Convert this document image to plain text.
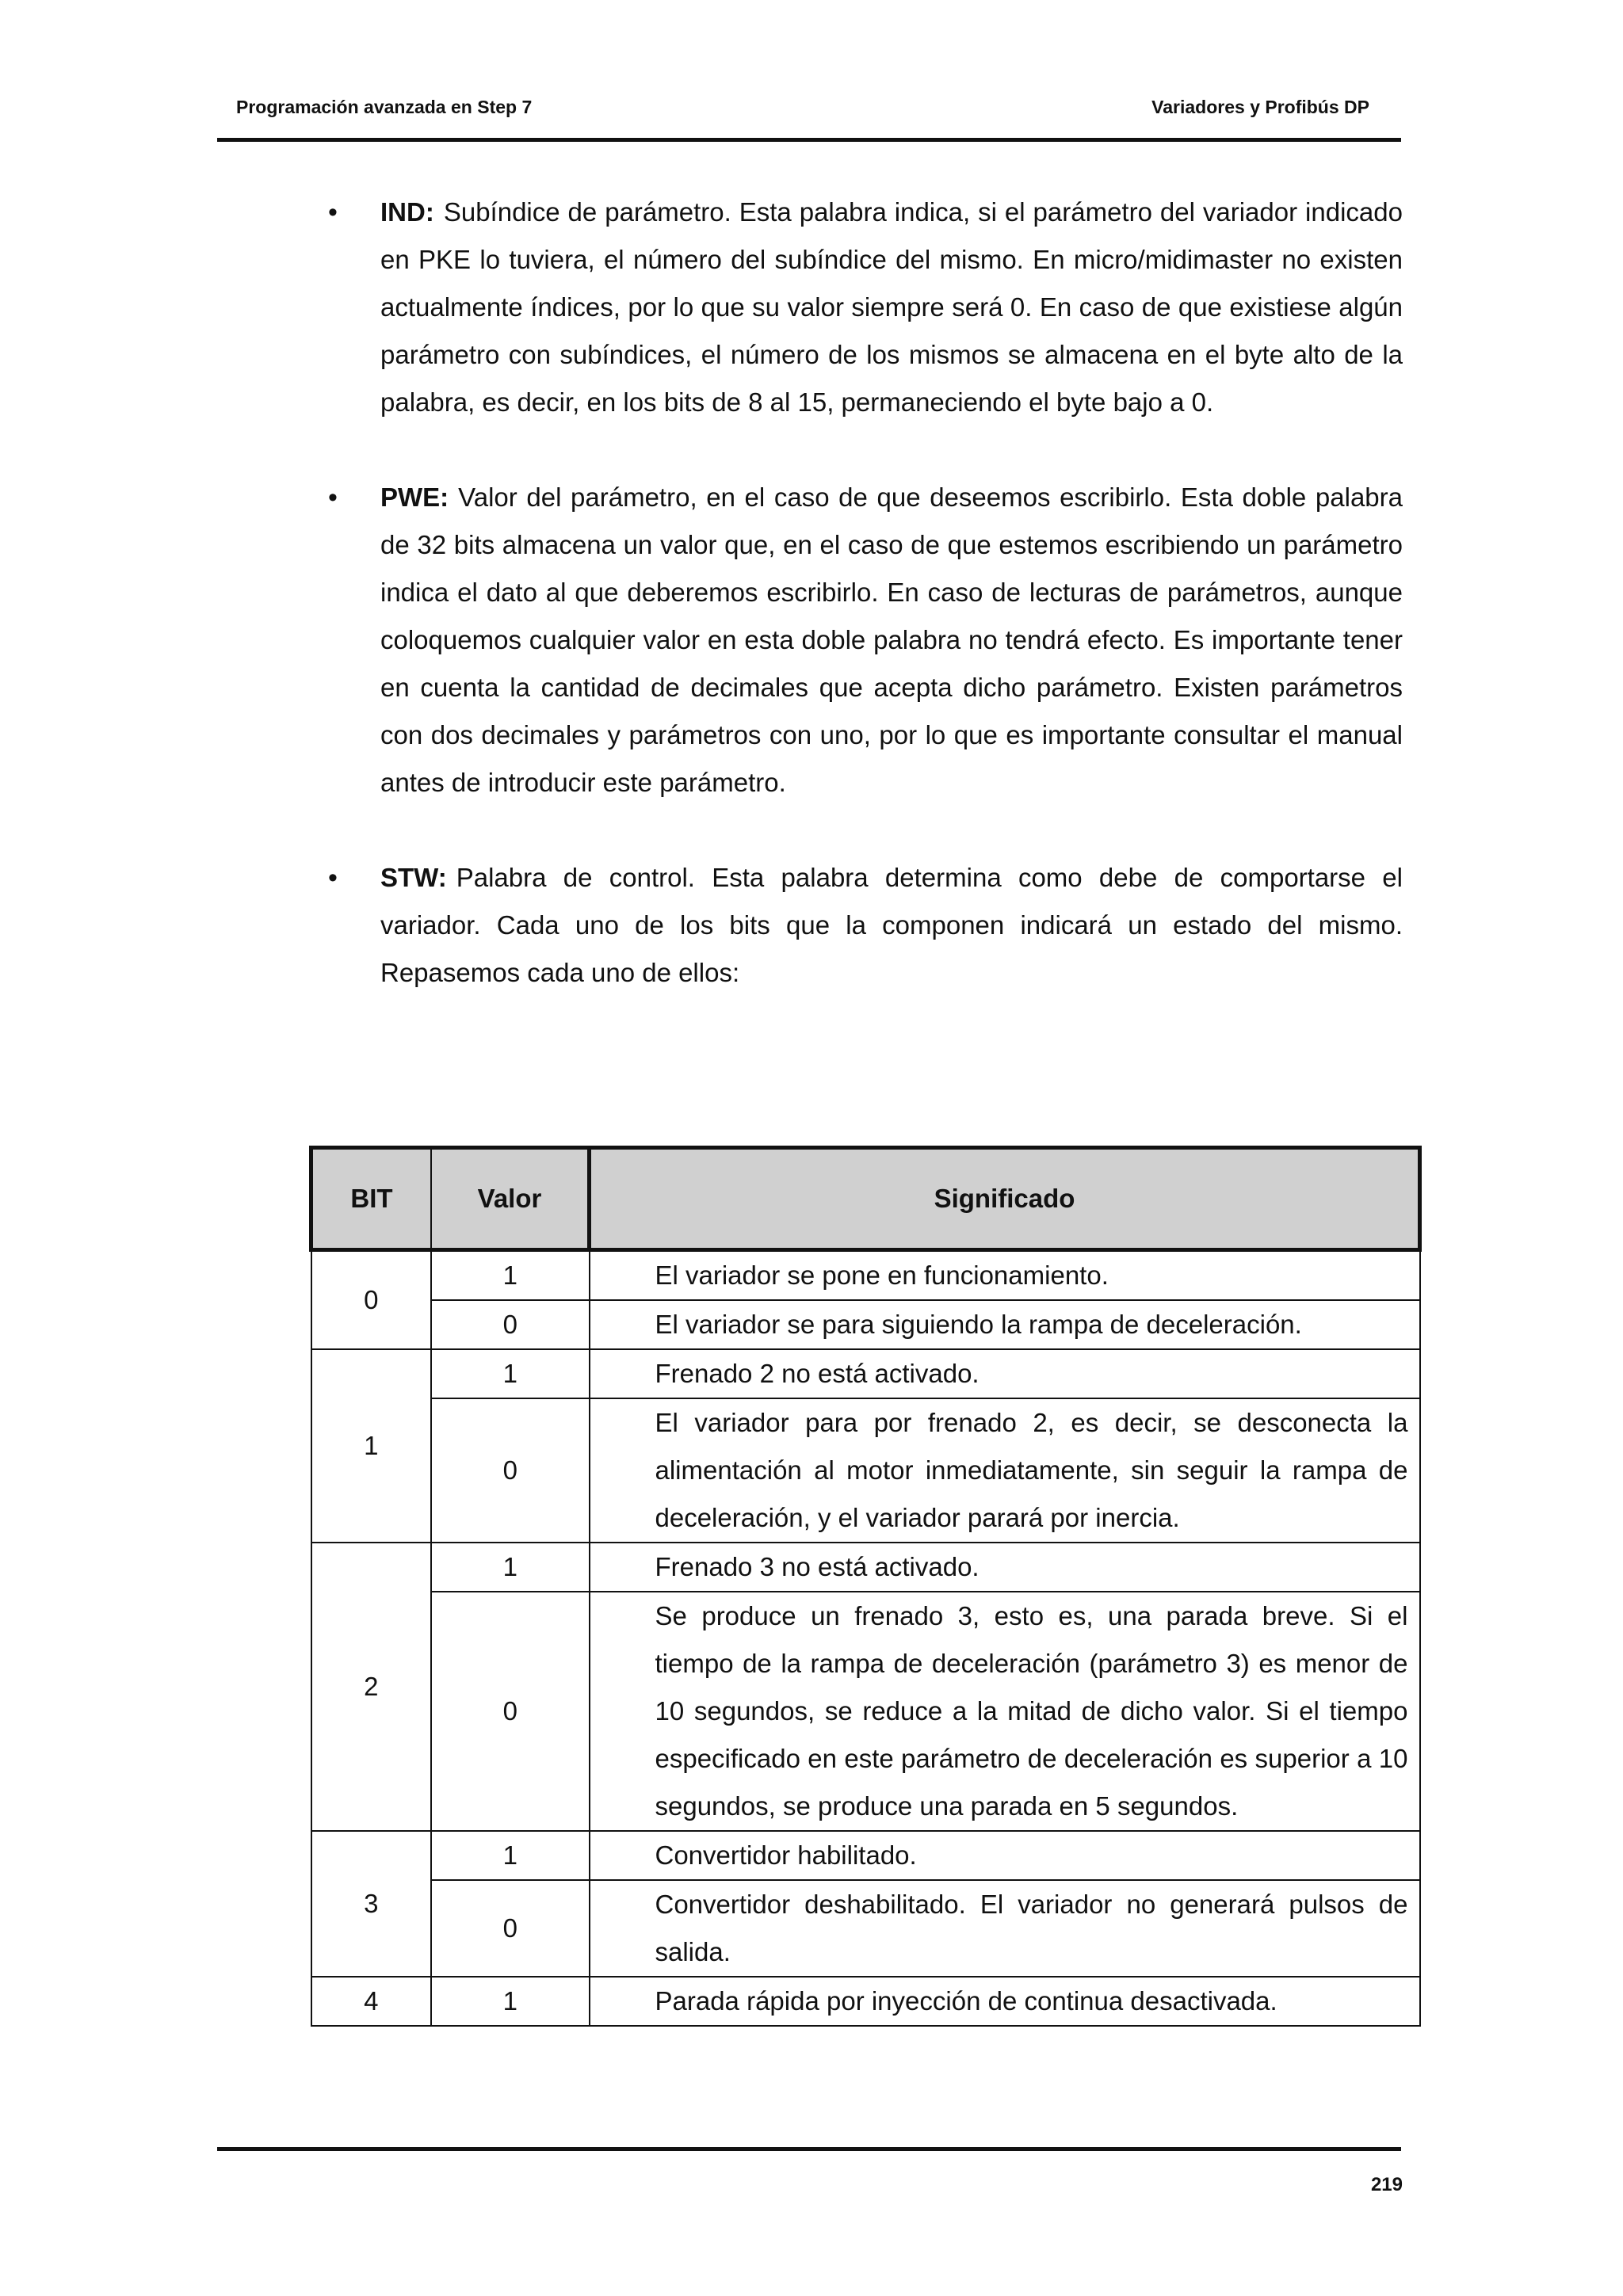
Programación avanzada en Step 7	Variadores y Profibús DP
• IND: Subíndice de parámetro. Esta palabra indica, si el parámetro del variador indicado en PKE lo tuviera, el número del subíndice del mismo. En micro/midimaster no existen actualmente índices, por lo que su valor siempre será 0. En caso de que existiese algún parámetro con subíndices, el número de los mismos se almacena en el byte alto de la palabra, es decir, en los bits de 8 al 15, permaneciendo el byte bajo a 0.

• PWE: Valor del parámetro, en el caso de que deseemos escribirlo. Esta doble palabra de 32 bits almacena un valor que, en el caso de que estemos escribiendo un parámetro indica el dato al que deberemos escribirlo. En caso de lecturas de parámetros, aunque coloquemos cualquier valor en esta doble palabra no tendrá efecto. Es importante tener en cuenta la cantidad de decimales que acepta dicho parámetro. Existen parámetros con dos decimales y parámetros con uno, por lo que es importante consultar el manual antes de introducir este parámetro.

• STW: Palabra de control. Esta palabra determina como debe de comportarse el variador. Cada uno de los bits que la componen indicará un estado del mismo. Repasemos cada uno de ellos:

BIT	Valor	Significado
0	1	El variador se pone en funcionamiento.
	0	El variador se para siguiendo la rampa de deceleración.
1	1	Frenado 2 no está activado.
	0	El variador para por frenado 2, es decir, se desconecta la alimentación al motor inmediatamente, sin seguir la rampa de deceleración, y el variador parará por inercia.
2	1	Frenado 3 no está activado.
	0	Se produce un frenado 3, esto es, una parada breve. Si el tiempo de la rampa de deceleración (parámetro 3) es menor de 10 segundos, se reduce a la mitad de dicho valor. Si el tiempo especificado en este parámetro de deceleración es superior a 10 segundos, se produce una parada en 5 segundos.
3	1	Convertidor habilitado.
	0	Convertidor deshabilitado. El variador no generará pulsos de salida.
4	1	Parada rápida por inyección de continua desactivada.
219
